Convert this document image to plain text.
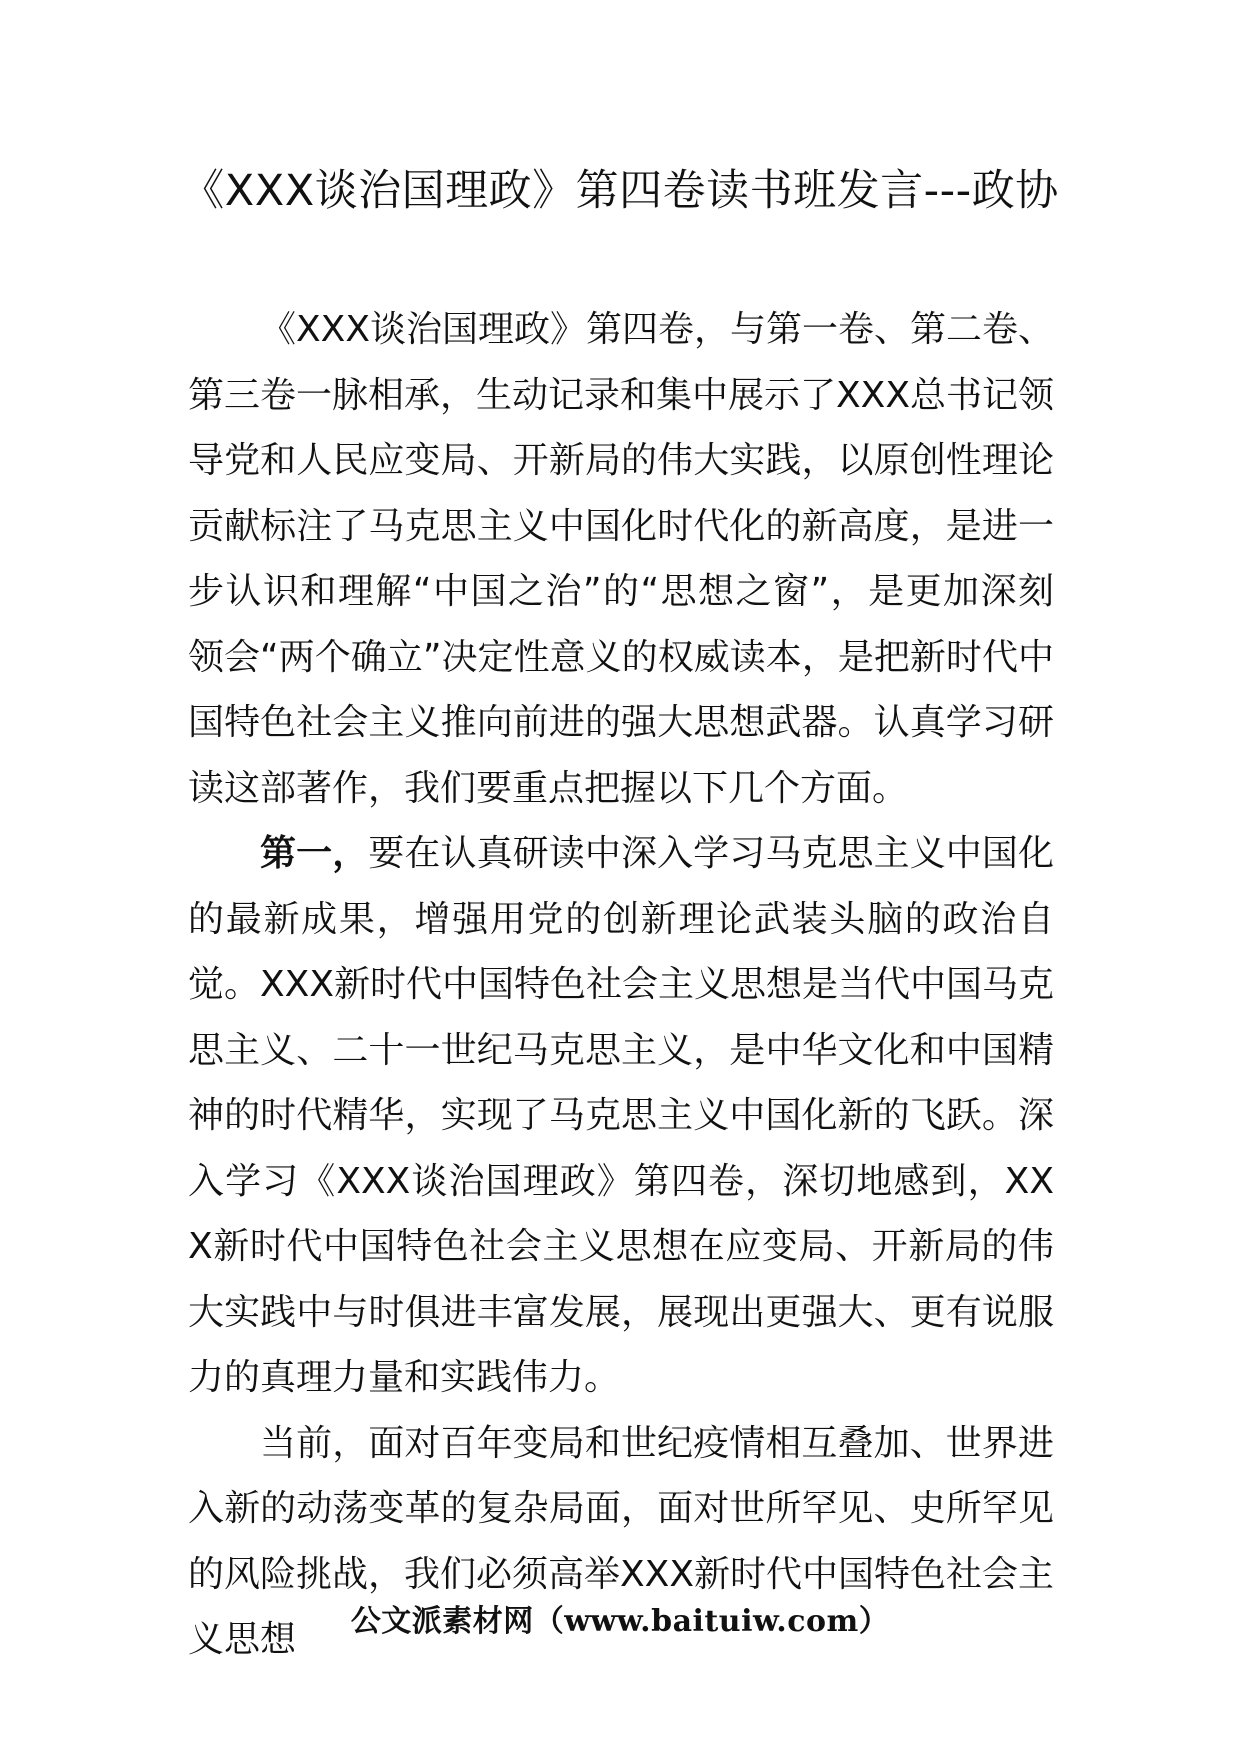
《XXX谈治国理政》第四卷读书班发言---政协

《XXX谈治国理政》第四卷，与第一卷、第二卷、第三卷一脉相承，生动记录和集中展示了XXX总书记领导党和人民应变局、开新局的伟大实践，以原创性理论贡献标注了马克思主义中国化时代化的新高度，是进一步认识和理解“中国之治”的“思想之窗”，是更加深刻领会“两个确立”决定性意义的权威读本，是把新时代中国特色社会主义推向前进的强大思想武器。认真学习研读这部著作，我们要重点把握以下几个方面。

第一，要在认真研读中深入学习马克思主义中国化的最新成果，增强用党的创新理论武装头脑的政治自觉。XXX新时代中国特色社会主义思想是当代中国马克思主义、二十一世纪马克思主义，是中华文化和中国精神的时代精华，实现了马克思主义中国化新的飞跃。深入学习《XXX谈治国理政》第四卷，深切地感到，XXX新时代中国特色社会主义思想在应变局、开新局的伟大实践中与时俱进丰富发展，展现出更强大、更有说服力的真理力量和实践伟力。

当前，面对百年变局和世纪疫情相互叠加、世界进入新的动荡变革的复杂局面，面对世所罕见、史所罕见的风险挑战，我们必须高举XXX新时代中国特色社会主义思想	公文派素材网（www.baituiw.com）
